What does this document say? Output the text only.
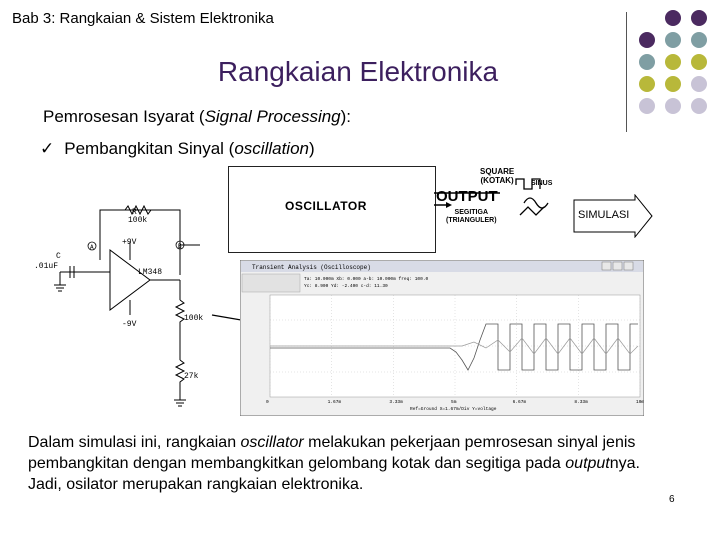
Bab 3: Rangkaian & Sistem Elektronika
Rangkaian Elektronika
Pemrosesan Isyarat (Signal Processing):
✓ Pembangkitan Sinyal (oscillation)
OSCILLATOR
OUTPUT
SQUARE
(KOTAK) SINUS
SEGITIGA
(TRIANGULER)	SIMULASI
R
100k
A	B
+9V
-9V
C
.01uF
LM348
100k
27k
Transient Analysis (Oscilloscope)
Ta: 10.000m Xb: 0.000 a-b: 10.000m freq: 100.0
Yc: 8.900 Yd: -2.400 c-d: 11.30
0	1.67m	3.33m	5m	6.67m	8.33m	10m
Ref=Ground X=1.67m/Div Y=voltage
Dalam simulasi ini, rangkaian oscillator melakukan pekerjaan pemrosesan sinyal jenis pembangkitan dengan membangkitkan gelombang kotak dan segitiga pada outputnya. Jadi, osilator merupakan rangkaian elektronika.
6
